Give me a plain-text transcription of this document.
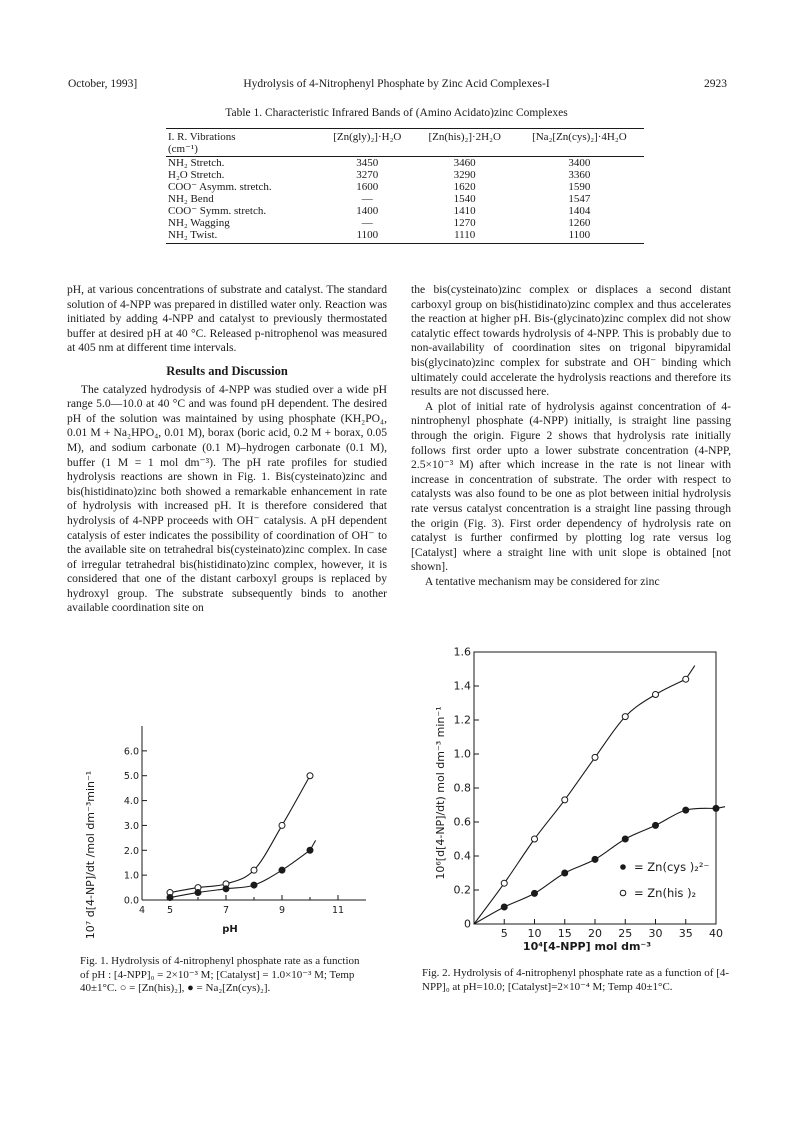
October, 1993]	Hydrolysis of 4-Nitrophenyl Phosphate by Zinc Acid Complexes-I	2923
Table 1. Characteristic Infrared Bands of (Amino Acidato)zinc Complexes
I. R. Vibrations
(cm⁻¹)	[Zn(gly)₂]·H₂O	[Zn(his)₂]·2H₂O	[Na₂[Zn(cys)₂]·4H₂O
NH₂ Stretch.	3450	3460	3400
H₂O Stretch.	3270	3290	3360
COO⁻ Asymm. stretch.	1600	1620	1590
NH₂ Bend	—	1540	1547
COO⁻ Symm. stretch.	1400	1410	1404
NH₂ Wagging	—	1270	1260
NH₂ Twist.	1100	1110	1100

pH, at various concentrations of substrate and catalyst. The standard solution of 4-NPP was prepared in distilled water only. Reaction was initiated by adding 4-NPP and catalyst to previously thermostated buffer at desired pH at 40 °C. Released p-nitrophenol was measured at 405 nm at different time intervals.

Results and Discussion

The catalyzed hydrodysis of 4-NPP was studied over a wide pH range 5.0—10.0 at 40 °C and was found pH dependent. The desired pH of the solution was maintained by using phosphate (KH₂PO₄, 0.01 M + Na₂HPO₄, 0.01 M), borax (boric acid, 0.2 M + borax, 0.05 M), and sodium carbonate (0.1 M)–hydrogen carbonate (0.1 M), buffer (1 M = 1 mol dm⁻³). The pH rate profiles for studied hydrolysis reactions are shown in Fig. 1. Bis(cysteinato)zinc and bis(histidinato)zinc both showed a remarkable enhancement in rate of hydrolysis with increased pH. It is therefore considered that hydrolysis of 4-NPP proceeds with OH⁻ catalysis. A pH dependent catalysis of ester indicates the possibility of coordination of OH⁻ to the available site on tetrahedral bis(cysteinato)zinc complex. In case of irregular tetrahedral bis(histidinato)zinc complex, however, it is considered that one of the distant carboxyl groups is replaced by hydroxyl group. The substrate subsequently binds to another available coordination site on

the bis(cysteinato)zinc complex or displaces a second distant carboxyl group on bis(histidinato)zinc complex and thus accelerates the reaction at higher pH. Bis-(glycinato)zinc complex did not show catalytic effect towards hydrolysis of 4-NPP. This is probably due to non-availability of coordination sites on trigonal bipyramidal bis(glycinato)zinc complex for substrate and OH⁻ binding which ultimately could accelerate the hydrolysis reactions and therefore its results are not discussed here.

A plot of initial rate of hydrolysis against concentration of 4-nintrophenyl phosphate (4-NPP) initially, is straight line passing through the origin. Figure 2 shows that hydrolysis rate initially follows first order upto a lower substrate concentration (4-NPP, 2.5×10⁻³ M) after which increase in the rate is not linear with increase in concentration of substrate. The order with respect to catalysts was also found to be one as plot between initial hydrolysis rate versus catalyst concentration is a straight line passing through the origin (Fig. 3). First order dependency of hydrolysis rate on catalyst is further confirmed by plotting log rate versus log [Catalyst] where a straight line with unit slope is obtained [not shown].

A tentative mechanism may be considered for zinc

4 5	7	9	11
0.0
1.0
2.0
3.0
4.0
5.0
6.0
10⁷ d[4-NP]/dt /mol dm⁻³min⁻¹	pH
Fig. 1. Hydrolysis of 4-nitrophenyl phosphate rate as a function of pH : [4-NPP]₀ = 2×10⁻³ M; [Catalyst] = 1.0×10⁻³ M; Temp 40±1°C. ○ = [Zn(his)₂], ● = Na₂[Zn(cys)₂].
5 10 15 20 25 30 35 40
0
0.2
0.4
0.6
0.8
1.0
1.2
1.4
1.6
10⁶[d[4-NP]/dt) mol dm⁻³ min⁻¹
10⁴[4-NPP] mol dm⁻³
= Zn(cys )₂²⁻
= Zn(his )₂
Fig. 2. Hydrolysis of 4-nitrophenyl phosphate rate as a function of [4-NPP]₀ at pH=10.0; [Catalyst]=2×10⁻⁴ M; Temp 40±1°C.
